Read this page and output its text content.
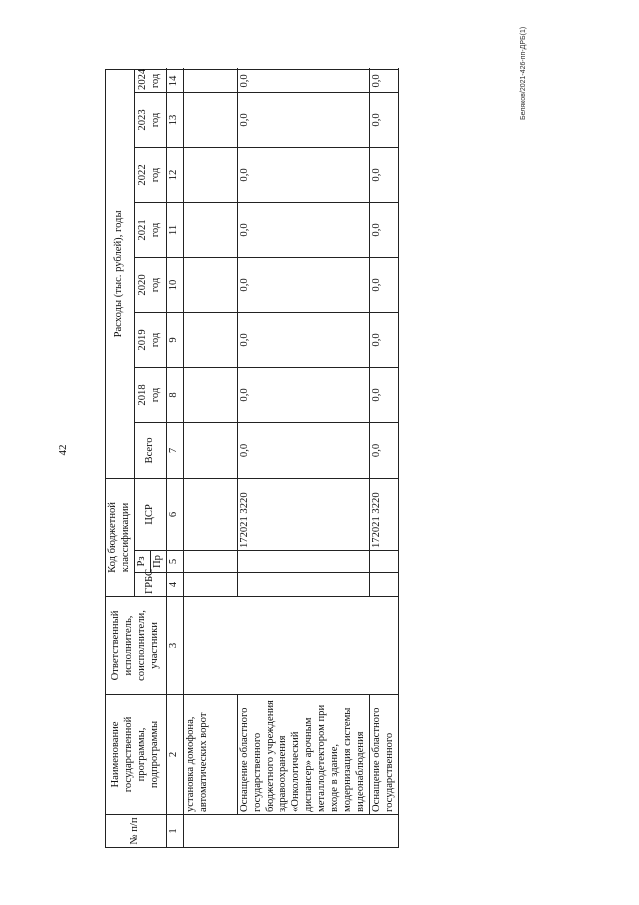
42
Беляков/2021-426-пп-ДРБ(1)
№ п/п	Наименование государственной программы, подпрограммы	Ответственный исполнитель, соисполнители, участники	Код бюджетной классификации			Расходы (тыс. рублей), годы							
			ГРБС	Рз	ЦСР	Всего	2018 год	2019 год	2020 год	2021 год	2022 год	2023 год	2024 год

				Пр									
1	2	3	4	5	6	7	8	9	10	11	12	13	14
	установка домофона, автоматических ворот												
	Оснащение областного государственного бюджетного учреждения здравоохранения «Онкологический диспансер» арочным металлодетектором при входе в здание, модернизация системы видеонаблюдения				172021 3220	0,0	0,0	0,0	0,0	0,0	0,0	0,0	0,0
	Оснащение областного государственного				172021 3220	0,0	0,0	0,0	0,0	0,0	0,0	0,0	0,0
